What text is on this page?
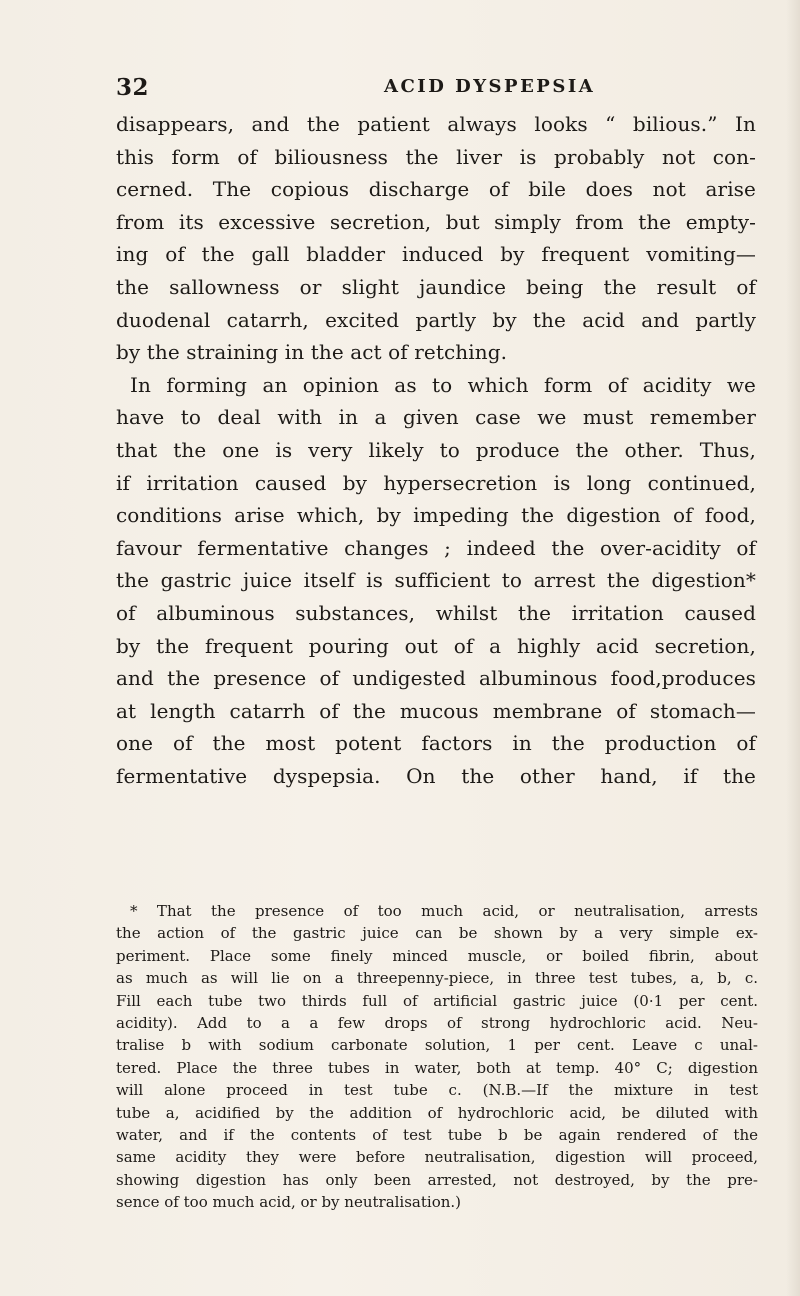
32	ACID DYSPEPSIA
disappears, and the patient always looks “ bilious.” In
this form of biliousness the liver is probably not con-
cerned. The copious discharge of bile does not arise
from its excessive secretion, but simply from the empty-
ing of the gall bladder induced by frequent vomiting—
the sallowness or slight jaundice being the result of
duodenal catarrh, excited partly by the acid and partly
by the straining in the act of retching.
In forming an opinion as to which form of acidity we
have to deal with in a given case we must remember
that the one is very likely to produce the other. Thus,
if irritation caused by hypersecretion is long continued,
conditions arise which, by impeding the digestion of food,
favour fermentative changes ; indeed the over-acidity of
the gastric juice itself is sufficient to arrest the digestion*
of albuminous substances, whilst the irritation caused
by the frequent pouring out of a highly acid secretion,
and the presence of undigested albuminous food,produces
at length catarrh of the mucous membrane of stomach—
one of the most potent factors in the production of
fermentative dyspepsia. On the other hand, if the
* That the presence of too much acid, or neutralisation, arrests
the action of the gastric juice can be shown by a very simple ex-
periment. Place some finely minced muscle, or boiled fibrin, about
as much as will lie on a threepenny-piece, in three test tubes, a, b, c.
Fill each tube two thirds full of artificial gastric juice (0·1 per cent.
acidity). Add to a a few drops of strong hydrochloric acid. Neu-
tralise b with sodium carbonate solution, 1 per cent. Leave c unal-
tered. Place the three tubes in water, both at temp. 40° C; digestion
will alone proceed in test tube c. (N.B.—If the mixture in test
tube a, acidified by the addition of hydrochloric acid, be diluted with
water, and if the contents of test tube b be again rendered of the
same acidity they were before neutralisation, digestion will proceed,
showing digestion has only been arrested, not destroyed, by the pre-
sence of too much acid, or by neutralisation.)
